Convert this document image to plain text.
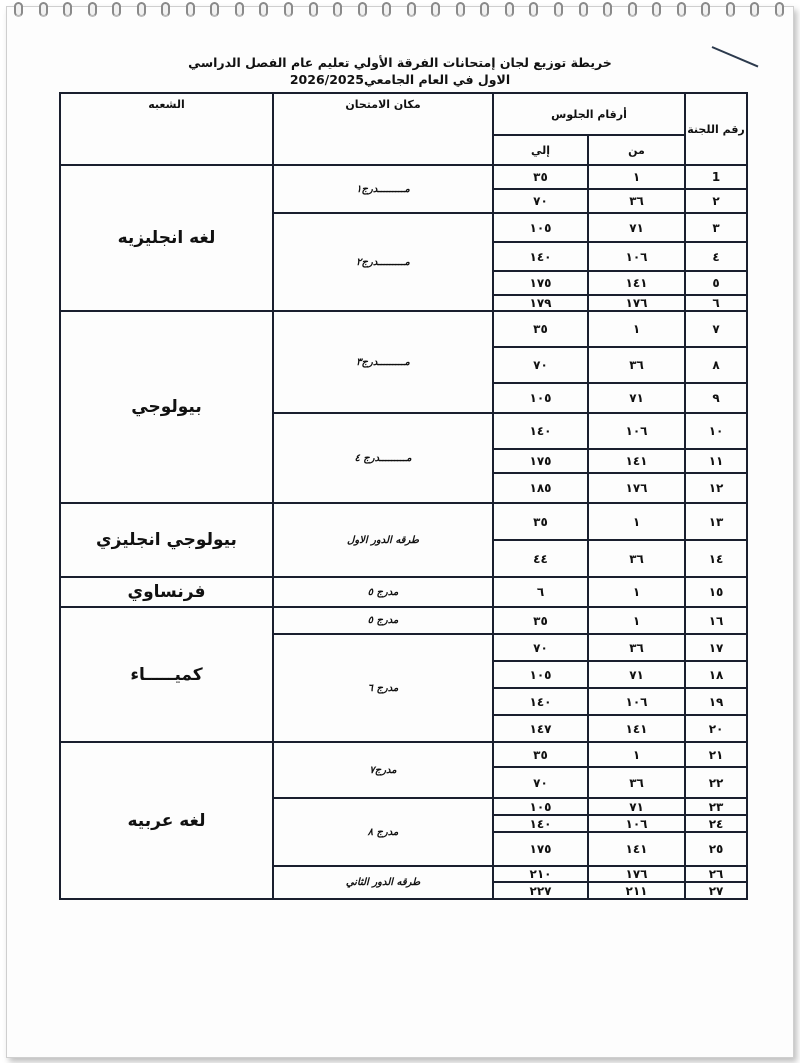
خريطة توزيع لجان إمتحانات الفرقة الأولي تعليم عام الفصل الدراسي
الاول في العام الجامعي2026/2025
رقم اللجنة	أرقام الجلوس		مكان الامتحان	الشعبه
	من	إلي		
1	١	٣٥	مـــــــــدرج١	لغه انجليزيه
٢	٣٦	٧٠		
٣	٧١	١٠٥	مـــــــــدرج٢	
٤	١٠٦	١٤٠		
٥	١٤١	١٧٥		
٦	١٧٦	١٧٩		
٧	١	٣٥	مـــــــــدرج٣	بيولوجي
٨	٣٦	٧٠		
٩	٧١	١٠٥		
١٠	١٠٦	١٤٠	مـــــــــدرج ٤	
١١	١٤١	١٧٥		
١٢	١٧٦	١٨٥		
١٣	١	٣٥	طرقه الدور الاول	بيولوجي انجليزي
١٤	٣٦	٤٤		
١٥	١	٦	مدرج ٥	فرنساوي
١٦	١	٣٥	مدرج ٥	كميـــــاء
١٧	٣٦	٧٠	مدرج ٦	
١٨	٧١	١٠٥		
١٩	١٠٦	١٤٠		
٢٠	١٤١	١٤٧		
٢١	١	٣٥	مدرج٧	لغه عربيه
٢٢	٣٦	٧٠		
٢٣	٧١	١٠٥	مدرج ٨	
٢٤	١٠٦	١٤٠		
٢٥	١٤١	١٧٥		
٢٦	١٧٦	٢١٠	طرقه الدور الثاني	
٢٧	٢١١	٢٢٧		
